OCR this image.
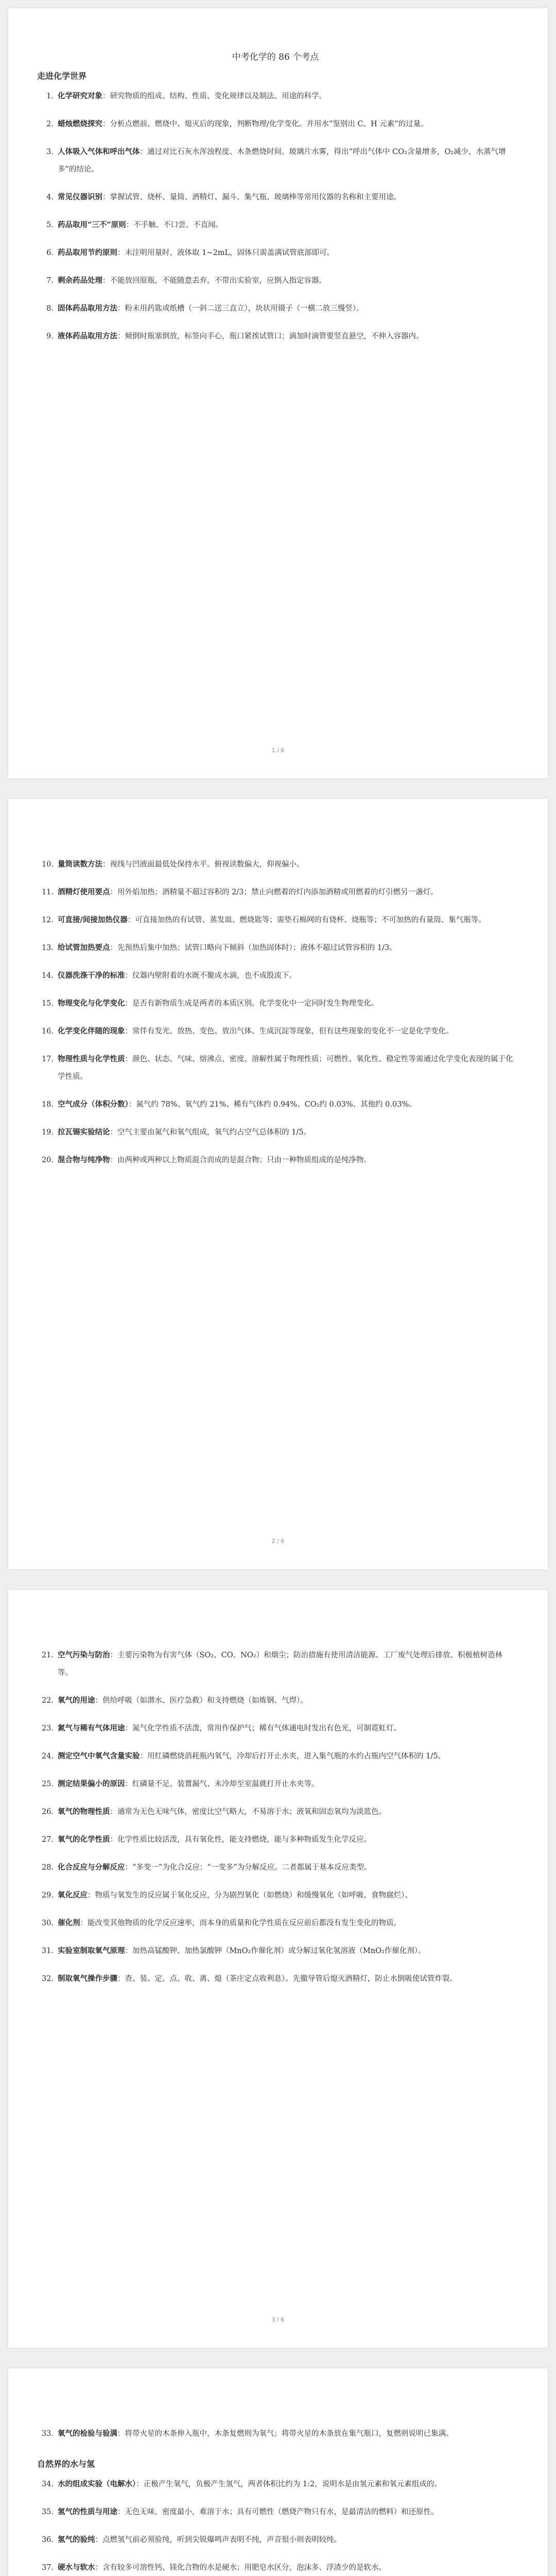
中考化学的 86 个考点
走进化学世界
1. 化学研究对象：研究物质的组成、结构、性质、变化规律以及制法、用途的科学。
2. 蜡烛燃烧探究：分析点燃前、燃烧中、熄灭后的现象，判断物理/化学变化。并用水“鉴别出 C、H 元素”的过量。
3. 人体吸入气体和呼出气体：通过对比石灰水浑浊程度、木条燃烧时间、玻璃片水雾，得出“呼出气体中 CO₂含量增多，O₂减少，水蒸气增多”的结论。
4. 常见仪器识别：掌握试管、烧杯、量筒、酒精灯、漏斗、集气瓶、玻璃棒等常用仪器的名称和主要用途。
5. 药品取用“三不”原则：不手触、不口尝、不直闻。
6. 药品取用节约原则：未注明用量时，液体取 1~2mL，固体只需盖满试管底部即可。
7. 剩余药品处理：不能放回原瓶，不能随意丢弃，不带出实验室，应倒入指定容器。
8. 固体药品取用方法：粉末用药匙或纸槽（一斜二送三直立），块状用镊子（一横二放三慢竖）。
9. 液体药品取用方法：倾倒时瓶塞倒放，标签向手心，瓶口紧挨试管口；滴加时滴管要竖直悬空，不伸入容器内。
1 / 6
10. 量筒读数方法：视线与凹液面最低处保持水平。俯视读数偏大，仰视偏小。
11. 酒精灯使用要点：用外焰加热；酒精量不超过容积的 2/3；禁止向燃着的灯内添加酒精或用燃着的灯引燃另一盏灯。
12. 可直接/间接加热仪器：可直接加热的有试管、蒸发皿、燃烧匙等；需垫石棉网的有烧杯、烧瓶等；不可加热的有量筒、集气瓶等。
13. 给试管加热要点：先预热后集中加热；试管口略向下倾斜（加热固体时）；液体不超过试管容积的 1/3。
14. 仪器洗涤干净的标准：仪器内壁附着的水既不聚成水滴，也不成股流下。
15. 物理变化与化学变化：是否有新物质生成是两者的本质区别。化学变化中一定同时发生物理变化。
16. 化学变化伴随的现象：常伴有发光、放热、变色、放出气体、生成沉淀等现象，但有这些现象的变化不一定是化学变化。
17. 物理性质与化学性质：颜色、状态、气味、熔沸点、密度、溶解性属于物理性质；可燃性、氧化性、稳定性等需通过化学变化表现的属于化学性质。
18. 空气成分（体积分数）：氮气约 78%、氧气约 21%、稀有气体约 0.94%、CO₂约 0.03%、其他约 0.03%。
19. 拉瓦锡实验结论：空气主要由氮气和氧气组成，氧气约占空气总体积的 1/5。
20. 混合物与纯净物：由两种或两种以上物质混合而成的是混合物；只由一种物质组成的是纯净物。
2 / 6
21. 空气污染与防治：主要污染物为有害气体（SO₂、CO、NO₂）和烟尘；防治措施有使用清洁能源、工厂废气处理后排放、积极植树造林等。
22. 氧气的用途：供给呼吸（如潜水、医疗急救）和支持燃烧（如炼钢、气焊）。
23. 氮气与稀有气体用途：氮气化学性质不活泼，常用作保护气；稀有气体通电时发出有色光，可制霓虹灯。
24. 测定空气中氧气含量实验：用红磷燃烧消耗瓶内氧气，冷却后打开止水夹，进入集气瓶的水约占瓶内空气体积的 1/5。
25. 测定结果偏小的原因：红磷量不足、装置漏气、未冷却至室温就打开止水夹等。
26. 氧气的物理性质：通常为无色无味气体，密度比空气略大，不易溶于水；液氧和固态氧均为淡蓝色。
27. 氧气的化学性质：化学性质比较活泼，具有氧化性，能支持燃烧，能与多种物质发生化学反应。
28. 化合反应与分解反应：“多变一”为化合反应；“一变多”为分解反应。二者都属于基本反应类型。
29. 氧化反应：物质与氧发生的反应属于氧化反应，分为剧烈氧化（如燃烧）和缓慢氧化（如呼吸、食物腐烂）。
30. 催化剂：能改变其他物质的化学反应速率，而本身的质量和化学性质在反应前后都没有发生变化的物质。
31. 实验室制取氧气原理：加热高锰酸钾、加热氯酸钾（MnO₂作催化剂）或分解过氧化氢溶液（MnO₂作催化剂）。
32. 制取氧气操作步骤：查、装、定、点、收、离、熄（茶庄定点收利息）。先撤导管后熄灭酒精灯，防止水倒吸使试管炸裂。
3 / 6
33. 氧气的检验与验满：将带火星的木条伸入瓶中，木条复燃则为氧气；将带火星的木条放在集气瓶口，复燃则说明已集满。
自然界的水与氢
34. 水的组成实验（电解水）：正极产生氧气，负极产生氢气，两者体积比约为 1:2，说明水是由氢元素和氧元素组成的。
35. 氢气的性质与用途：无色无味，密度最小，难溶于水；具有可燃性（燃烧产物只有水，是最清洁的燃料）和还原性。
36. 氢气的验纯：点燃氢气前必须验纯，听到尖锐爆鸣声表明不纯，声音很小则表明较纯。
37. 硬水与软水：含有较多可溶性钙、镁化合物的水是硬水；用肥皂水区分，泡沫多、浮渣少的是软水。
